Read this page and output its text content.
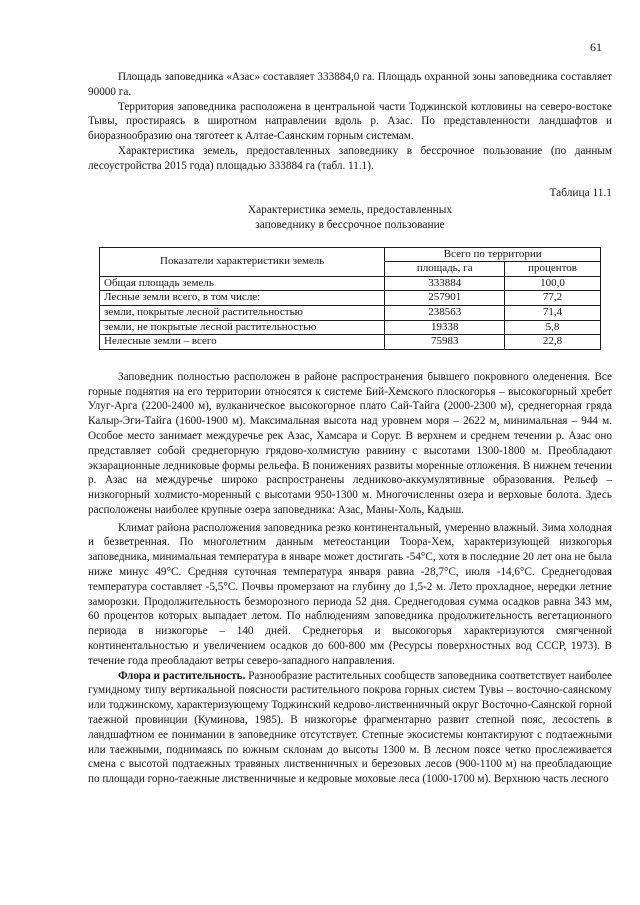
61

Площадь заповедника «Азас» составляет 333884,0 га. Площадь охранной зоны заповедника составляет 90000 га.

Территория заповедника расположена в центральной части Тоджинской котловины на северо-востоке Тывы, простираясь в широтном направлении вдоль р. Азас. По представленности ландшафтов и биоразнообразию она тяготеет к Алтае-Саянским горным системам.

Характеристика земель, предоставленных заповеднику в бессрочное пользование (по данным лесоустройства 2015 года) площадью 333884 га (табл. 11.1).

Таблица 11.1
Характеристика земель, предоставленных
заповеднику в бессрочное пользование
Показатели характеристики земель	Всего по территории	
	площадь, га	процентов
Общая площадь земель	333884	100,0
Лесные земли всего, в том числе:	257901	77,2
земли, покрытые лесной растительностью	238563	71,4
земли, не покрытые лесной растительностью	19338	5,8
Нелесные земли – всего	75983	22,8

Заповедник полностью расположен в районе распространения бывшего покровного оледенения. Все горные поднятия на его территории относятся к системе Бий-Хемского плоскогорья – высокогорный хребет Улуг-Арга (2200-2400 м), вулканическое высокогорное плато Сай-Тайга (2000-2300 м), среднегорная гряда Калыр-Эги-Тайга (1600-1900 м). Максимальная высота над уровнем моря – 2622 м, минимальная – 944 м. Особое место занимает междуречье рек Азас, Хамсара и Соруг. В верхнем и среднем течении р. Азас оно представляет собой среднегорную грядово-холмистую равнину с высотами 1300-1800 м. Преобладают экзарационные ледниковые формы рельефа. В понижениях развиты моренные отложения. В нижнем течении р. Азас на междуречье широко распространены ледниково-аккумулятивные образования. Рельеф – низкогорный холмисто-моренный с высотами 950-1300 м. Многочисленны озера и верховые болота. Здесь расположены наиболее крупные озера заповедника: Азас, Маны-Холь, Кадыш.

Климат района расположения заповедника резко континентальный, умеренно влажный. Зима холодная и безветренная. По многолетним данным метеостанции Тоора-Хем, характеризующей низкогорья заповедника, минимальная температура в январе может достигать -54°С, хотя в последние 20 лет она не была ниже минус 49°С. Средняя суточная температура января равна -28,7°С, июля -14,6°С. Среднегодовая температура составляет -5,5°С. Почвы промерзают на глубину до 1,5-2 м. Лето прохладное, нередки летние заморозки. Продолжительность безморозного периода 52 дня. Среднегодовая сумма осадков равна 343 мм, 60 процентов которых выпадает летом. По наблюдениям заповедника продолжительность вегетационного периода в низкогорье – 140 дней. Среднегорья и высокогорья характеризуются смягченной континентальностью и увеличением осадков до 600-800 мм (Ресурсы поверхностных вод СССР, 1973). В течение года преобладают ветры северо-западного направления.

Флора и растительность. Разнообразие растительных сообществ заповедника соответствует наиболее гумидному типу вертикальной поясности растительного покрова горных систем Тувы – восточно-саянскому или тоджинскому, характеризующему Тоджинский кедрово-лиственничный округ Восточно-Саянской горной таежной провинции (Куминова, 1985). В низкогорье фрагментарно развит степной пояс, лесостепь в ландшафтном ее понимании в заповеднике отсутствует. Степные экосистемы контактируют с подтаежными или таежными, поднимаясь по южным склонам до высоты 1300 м. В лесном поясе четко прослеживается смена с высотой подтаежных травяных лиственничных и березовых лесов (900-1100 м) на преобладающие по площади горно-таежные лиственничные и кедровые моховые леса (1000-1700 м). Верхнюю часть лесного
